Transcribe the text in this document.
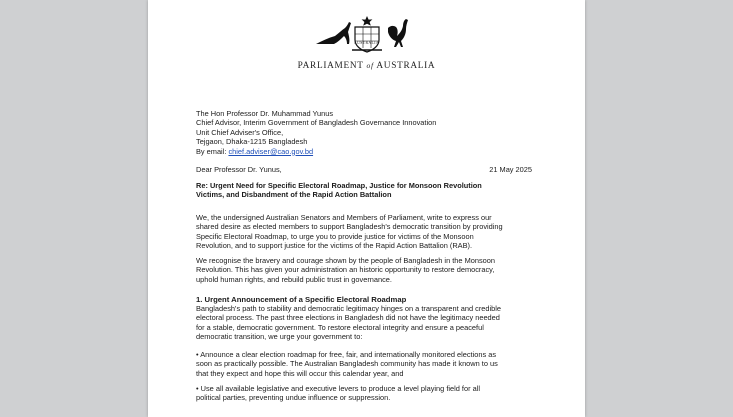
AUSTRALIA
PARLIAMENT of AUSTRALIA
The Hon Professor Dr. Muhammad Yunus
Chief Advisor, Interim Government of Bangladesh Governance Innovation
Unit Chief Adviser's Office,
Tejgaon, Dhaka-1215 Bangladesh
By email: chief.adviser@cao.gov.bd
Dear Professor Dr. Yunus,	21 May 2025
Re: Urgent Need for Specific Electoral Roadmap, Justice for Monsoon Revolution
Victims, and Disbandment of the Rapid Action Battalion
We, the undersigned Australian Senators and Members of Parliament, write to express our
shared desire as elected members to support Bangladesh's democratic transition by providing
Specific Electoral Roadmap, to urge you to provide justice for victims of the Monsoon
Revolution, and to support justice for the victims of the Rapid Action Battalion (RAB).
We recognise the bravery and courage shown by the people of Bangladesh in the Monsoon
Revolution. This has given your administration an historic opportunity to restore democracy,
uphold human rights, and rebuild public trust in governance.
1. Urgent Announcement of a Specific Electoral Roadmap
Bangladesh's path to stability and democratic legitimacy hinges on a transparent and credible
electoral process. The past three elections in Bangladesh did not have the legitimacy needed
for a stable, democratic government. To restore electoral integrity and ensure a peaceful
democratic transition, we urge your government to:
• Announce a clear election roadmap for free, fair, and internationally monitored elections as
soon as practically possible. The Australian Bangladesh community has made it known to us
that they expect and hope this will occur this calendar year, and
• Use all available legislative and executive levers to produce a level playing field for all
political parties, preventing undue influence or suppression.
